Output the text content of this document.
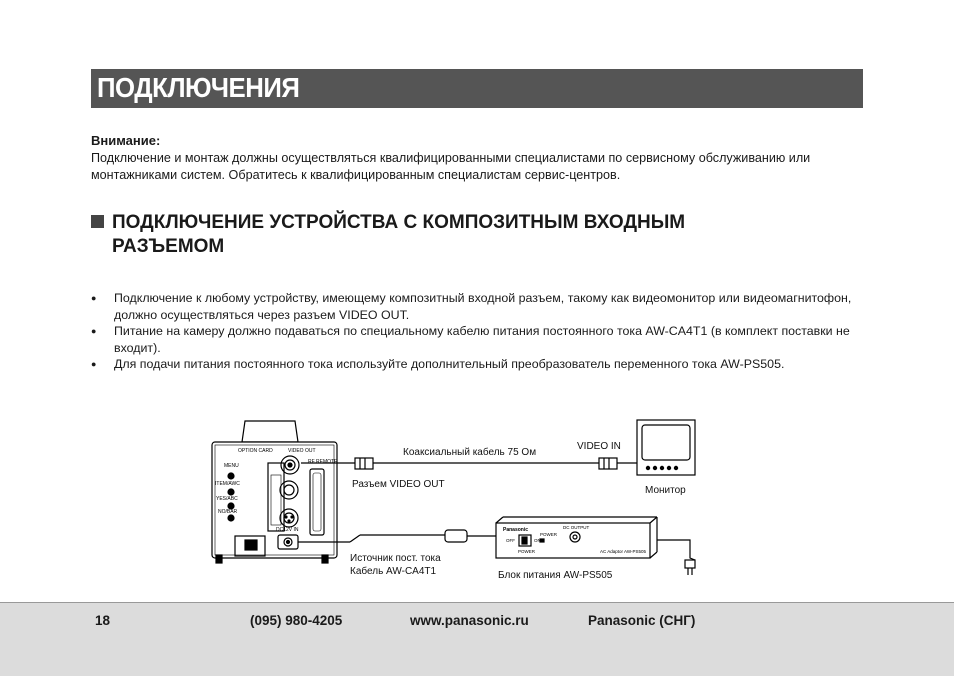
ПОДКЛЮЧЕНИЯ
Внимание:
Подключение и монтаж должны осуществляться квалифицированными специалистами по сервисному обслуживанию или монтажниками систем. Обратитесь к квалифицированным специалистам сервис-центров.
ПОДКЛЮЧЕНИЕ УСТРОЙСТВА С КОМПОЗИТНЫМ ВХОДНЫМ
РАЗЪЕМОМ
● Подключение к любому устройству, имеющему композитный входной разъем, такому как видеомонитор или видеомагнитофон, должно осуществляться через разъем VIDEO OUT.
● Питание на камеру должно подаваться по специальному кабелю питания постоянного тока AW-CA4T1 (в комплект поставки не входит).
● Для подачи питания постоянного тока используйте дополнительный преобразователь переменного тока AW-PS505.
OPTION CARD	VIDEO OUT
RF REMOTE
DC12V IN
MENU
ITEM/AWC
YES/ABC
NO/BAR
Panasonic
OFF	ON
POWER
POWER
DC OUTPUT
AC Adaptor AW-PS505
Коаксиальный кабель 75 Ом
VIDEO IN
Разъем VIDEO OUT
Монитор
Источник пост. тока
Кабель AW-CA4T1	Блок питания AW-PS505
18	(095) 980-4205	www.panasonic.ru	Panasonic (СНГ)
